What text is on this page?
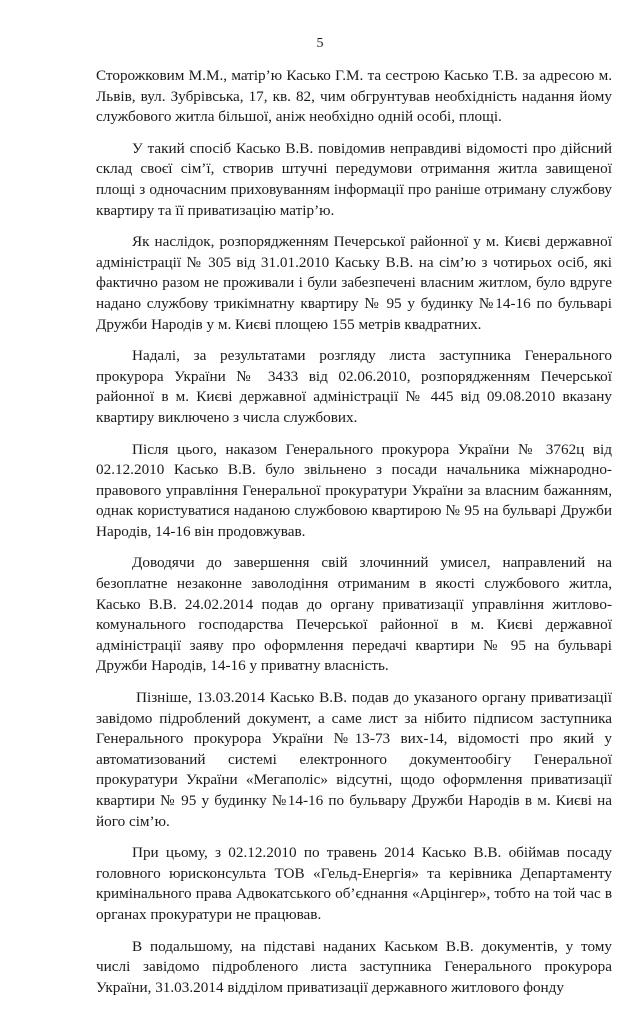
5

Сторожковим М.М., матір’ю Касько Г.М. та сестрою Касько Т.В. за адресою м. Львів, вул. Зубрівська, 17, кв. 82, чим обгрунтував необхідність надання йому службового житла більшої, аніж необхідно одній особі, площі.

У такий спосіб Касько В.В. повідомив неправдиві відомості про дійсний склад своєї сім’ї, створив штучні передумови отримання житла завищеної площі з одночасним приховуванням інформації про раніше отриману службову квартиру та її приватизацію матір’ю.

Як наслідок, розпорядженням Печерської районної у м. Києві державної адміністрації № 305 від 31.01.2010 Каськy В.В. на сім’ю з чотирьох осіб, які фактично разом не проживали і були забезпечені власним житлом, було вдруге надано службову трикімнатну квартиру № 95 у будинку №14-16 по бульварі Дружби Народів у м. Києві площею 155 метрів квадратних.

Надалі, за результатами розгляду листа заступника Генерального прокурора України № 3433 від 02.06.2010, розпорядженням Печерської районної в м. Києві державної адміністрації № 445 від 09.08.2010 вказану квартиру виключено з числа службових.

Після цього, наказом Генерального прокурора України № 3762ц від 02.12.2010 Касько В.В. було звільнено з посади начальника міжнародно-правового управління Генеральної прокуратури України за власним бажанням, однак користуватися наданою службовою квартирою № 95 на бульварі Дружби Народів, 14-16 він продовжував.

Доводячи до завершення свій злочинний умисел, направлений на безоплатне незаконне заволодіння отриманим в якості службового житла, Касько В.В. 24.02.2014 подав до органу приватизації управління житлово-комунального господарства Печерської районної в м. Києві державної адміністрації заяву про оформлення передачі квартири № 95 на бульварі Дружби Народів, 14-16 у приватну власність.

Пізніше, 13.03.2014 Касько В.В. подав до указаного органу приватизації завідомо підроблений документ, а саме лист за нібито підписом заступника Генерального прокурора України №13-73 вих-14, відомості про який у автоматизований системі електронного документообігу Генеральної прокуратури України «Мегаполіс» відсутні, щодо оформлення приватизації квартири № 95 у будинку №14-16 по бульвару Дружби Народів в м. Києві на його сім’ю.

При цьому, з 02.12.2010 по травень 2014 Касько В.В. обіймав посаду головного юрисконсульта ТОВ «Гельд-Енергія» та керівника Департаменту кримінального права Адвокатського об’єднання «Арцінгер», тобто на той час в органах прокуратури не працював.

В подальшому, на підставі наданих Каськом В.В. документів, у тому числі завідомо підробленого листа заступника Генерального прокурора України, 31.03.2014 відділом приватизації державного житлового фонду
